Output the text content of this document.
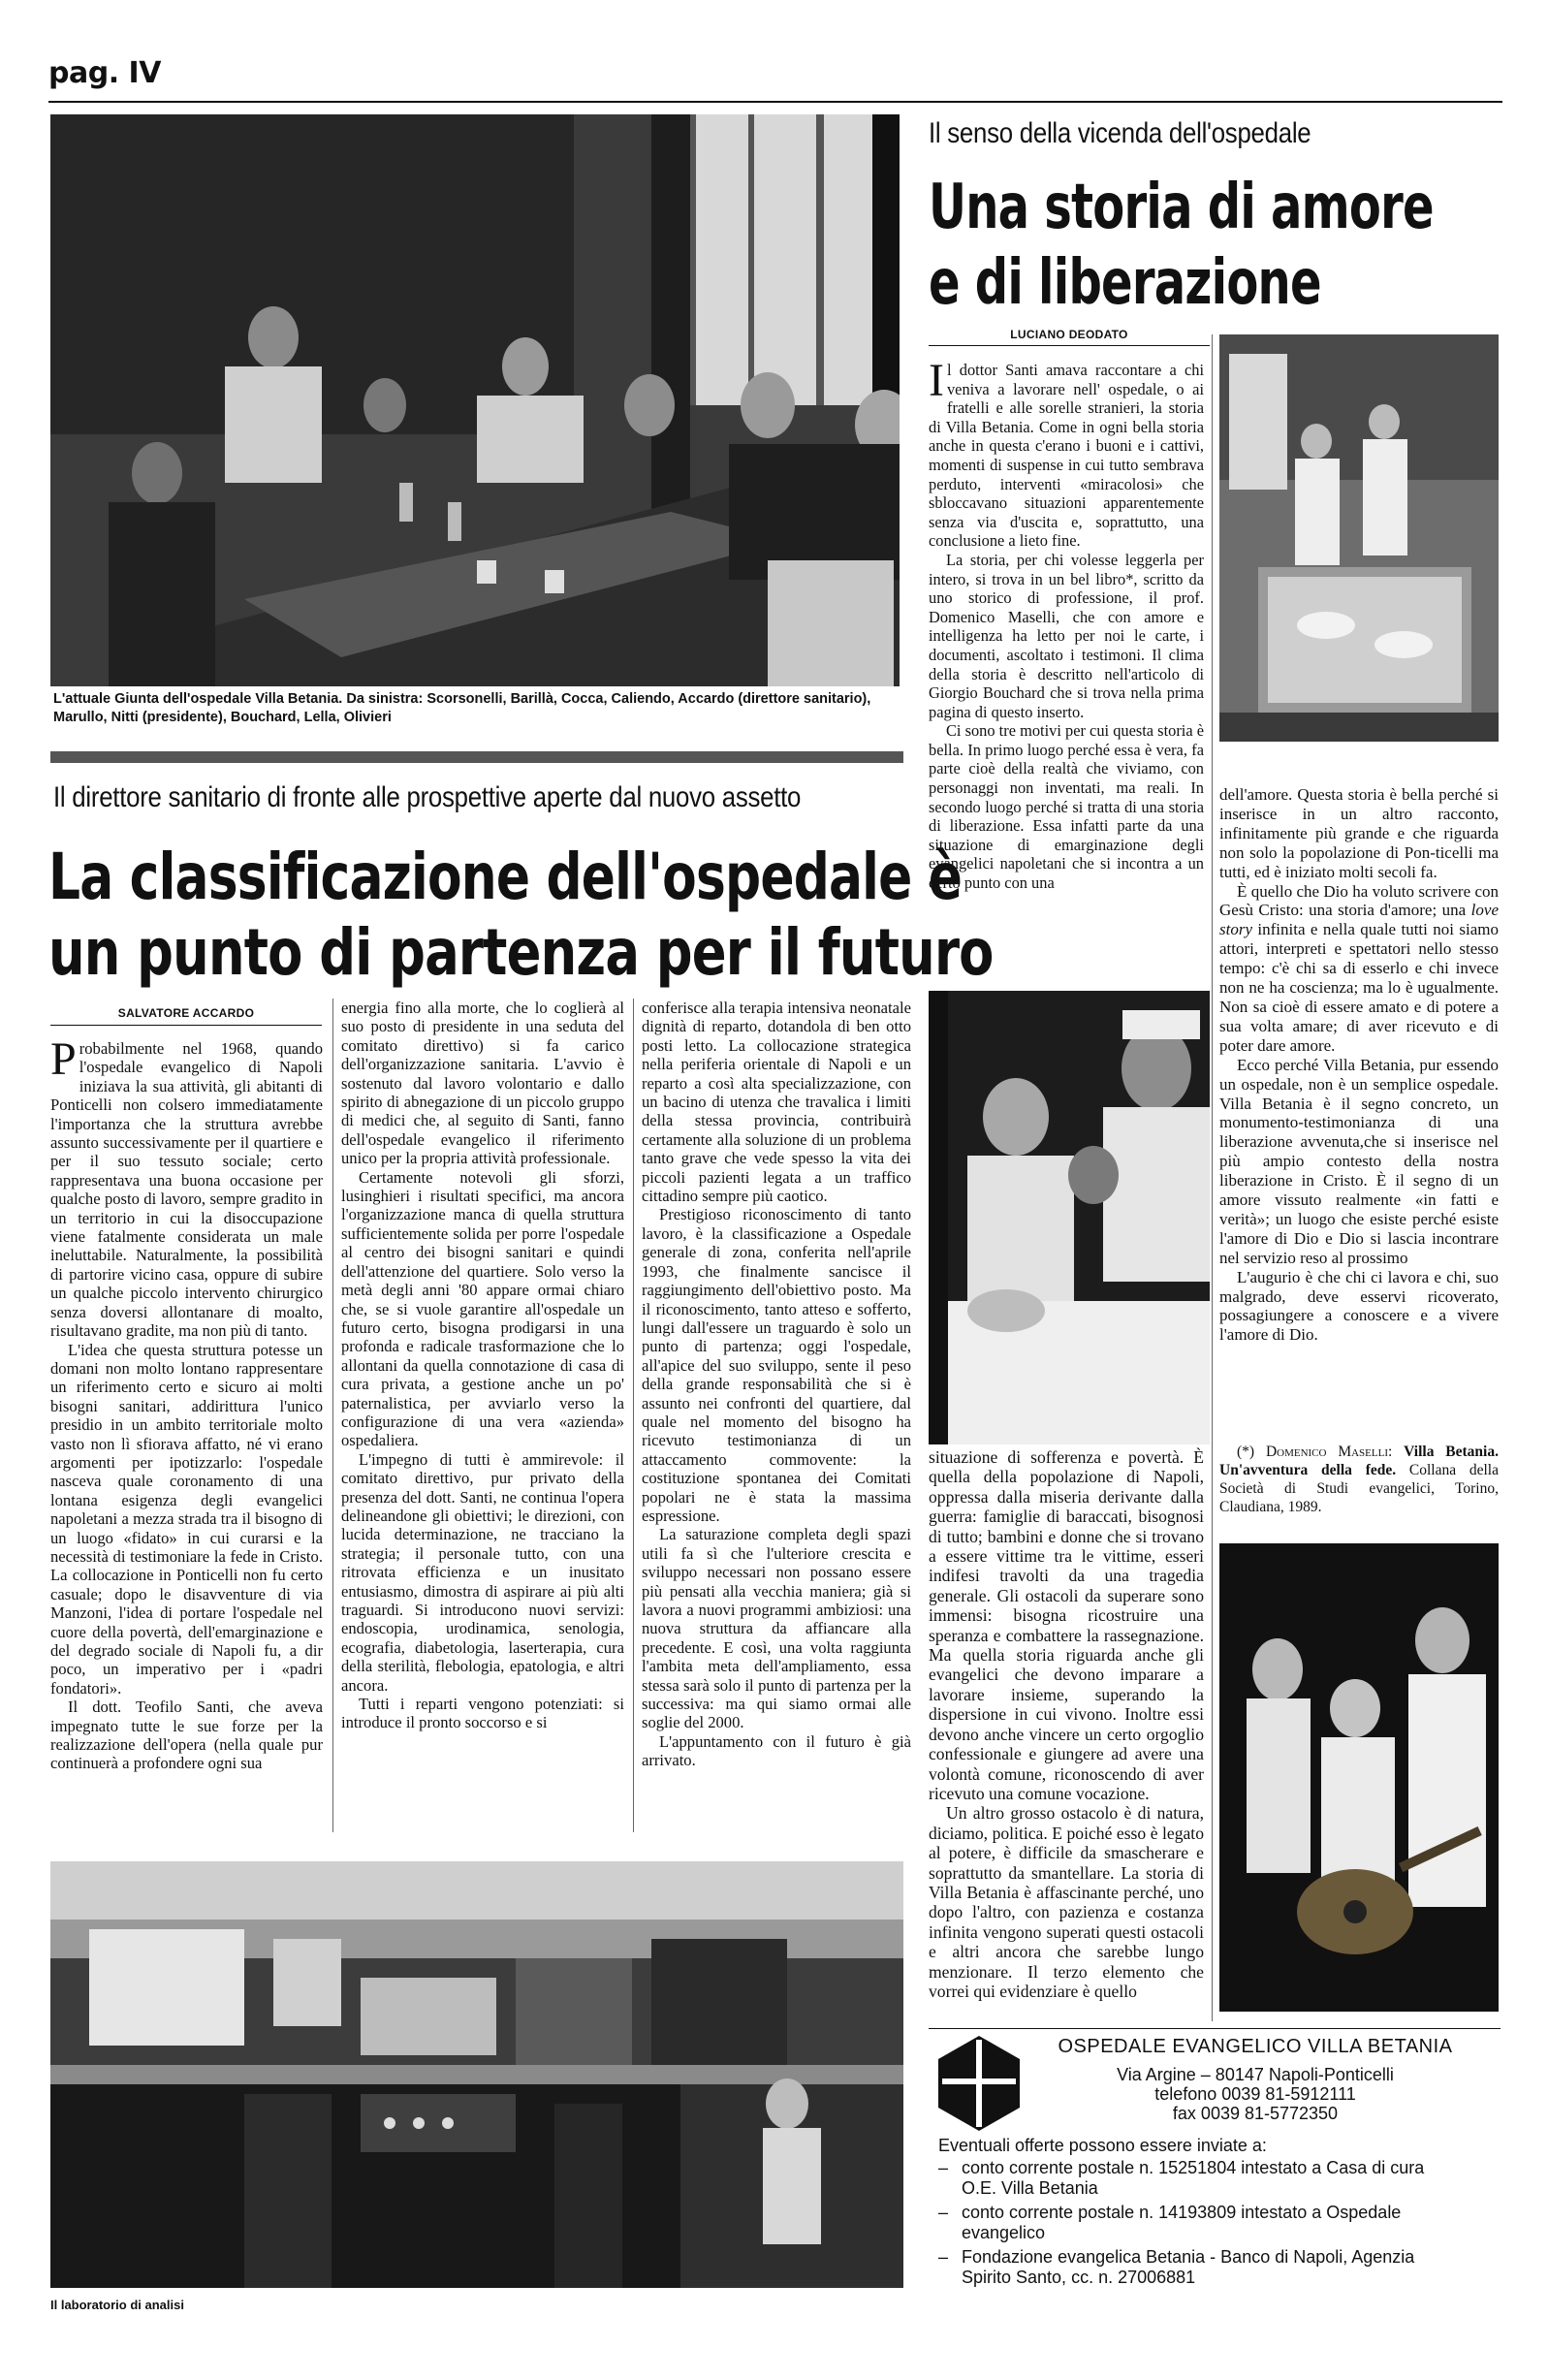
pag. IV
L'attuale Giunta dell'ospedale Villa Betania. Da sinistra: Scorsonelli, Barillà, Cocca, Caliendo, Accardo (direttore sanitario), Marullo, Nitti (presidente), Bouchard, Lella, Olivieri
Il direttore sanitario di fronte alle prospettive aperte dal nuovo assetto
La classificazione dell'ospedale è
un punto di partenza per il futuro
SALVATORE ACCARDO

Probabilmente nel 1968, quando l'ospedale evangelico di Napoli iniziava la sua attività, gli abitanti di Ponticelli non colsero immediatamente l'importanza che la struttura avrebbe assunto successivamente per il quartiere e per il suo tessuto sociale; certo rappresentava una buona occasione per qualche posto di lavoro, sempre gradito in un territorio in cui la disoccupazione viene fatalmente considerata un male ineluttabile. Naturalmente, la possibilità di partorire vicino casa, oppure di subire un qualche piccolo intervento chirurgico senza doversi allontanare di moalto, risultavano gradite, ma non più di tanto.

L'idea che questa struttura potesse un domani non molto lontano rappresentare un riferimento certo e sicuro ai molti bisogni sanitari, addirittura l'unico presidio in un ambito territoriale molto vasto non lì sfiorava affatto, né vi erano argomenti per ipotizzarlo: l'ospedale nasceva quale coronamento di una lontana esigenza degli evangelici napoletani a mezza strada tra il bisogno di un luogo «fidato» in cui curarsi e la necessità di testimoniare la fede in Cristo. La collocazione in Ponticelli non fu certo casuale; dopo le disavventure di via Manzoni, l'idea di portare l'ospedale nel cuore della povertà, dell'emarginazione e del degrado sociale di Napoli fu, a dir poco, un imperativo per i «padri fondatori».

Il dott. Teofilo Santi, che aveva impegnato tutte le sue forze per la realizzazione dell'opera (nella quale pur continuerà a profondere ogni sua

energia fino alla morte, che lo coglierà al suo posto di presidente in una seduta del comitato direttivo) si fa carico dell'organizzazione sanitaria. L'avvio è sostenuto dal lavoro volontario e dallo spirito di abnegazione di un piccolo gruppo di medici che, al seguito di Santi, fanno dell'ospedale evangelico il riferimento unico per la propria attività professionale.

Certamente notevoli gli sforzi, lusinghieri i risultati specifici, ma ancora l'organizzazione manca di quella struttura sufficientemente solida per porre l'ospedale al centro dei bisogni sanitari e quindi dell'attenzione del quartiere. Solo verso la metà degli anni '80 appare ormai chiaro che, se si vuole garantire all'ospedale un futuro certo, bisogna prodigarsi in una profonda e radicale trasformazione che lo allontani da quella connotazione di casa di cura privata, a gestione anche un po' paternalistica, per avviarlo verso la configurazione di una vera «azienda» ospedaliera.

L'impegno di tutti è ammirevole: il comitato direttivo, pur privato della presenza del dott. Santi, ne continua l'opera delineandone gli obiettivi; le direzioni, con lucida determinazione, ne tracciano la strategia; il personale tutto, con una ritrovata efficienza e un inusitato entusiasmo, dimostra di aspirare ai più alti traguardi. Si introducono nuovi servizi: endoscopia, urodinamica, senologia, ecografia, diabetologia, laserterapia, cura della sterilità, flebologia, epatologia, e altri ancora.

Tutti i reparti vengono potenziati: si introduce il pronto soccorso e si

conferisce alla terapia intensiva neonatale dignità di reparto, dotandola di ben otto posti letto. La collocazione strategica nella periferia orientale di Napoli e un reparto a così alta specializzazione, con un bacino di utenza che travalica i limiti della stessa provincia, contribuirà certamente alla soluzione di un problema tanto grave che vede spesso la vita dei piccoli pazienti legata a un traffico cittadino sempre più caotico.

Prestigioso riconoscimento di tanto lavoro, è la classificazione a Ospedale generale di zona, conferita nell'aprile 1993, che finalmente sancisce il raggiungimento dell'obiettivo posto. Ma il riconoscimento, tanto atteso e sofferto, lungi dall'essere un traguardo è solo un punto di partenza; oggi l'ospedale, all'apice del suo sviluppo, sente il peso della grande responsabilità che si è assunto nei confronti del quartiere, dal quale nel momento del bisogno ha ricevuto testimonianza di un attaccamento commovente: la costituzione spontanea dei Comitati popolari ne è stata la massima espressione.

La saturazione completa degli spazi utili fa sì che l'ulteriore crescita e sviluppo necessari non possano essere più pensati alla vecchia maniera; già si lavora a nuovi programmi ambiziosi: una nuova struttura da affiancare alla precedente. E così, una volta raggiunta l'ambita meta dell'ampliamento, essa stessa sarà solo il punto di partenza per la successiva: ma qui siamo ormai alle soglie del 2000.

L'appuntamento con il futuro è già arrivato.

Il laboratorio di analisi
Il senso della vicenda dell'ospedale
Una storia di amore
e di liberazione
LUCIANO DEODATO

Il dottor Santi amava raccontare a chi veniva a lavorare nell' ospedale, o ai fratelli e alle sorelle stranieri, la storia di Villa Betania. Come in ogni bella storia anche in questa c'erano i buoni e i cattivi, momenti di suspense in cui tutto sembrava perduto, interventi «miracolosi» che sbloccavano situazioni apparentemente senza via d'uscita e, soprattutto, una conclusione a lieto fine.

La storia, per chi volesse leggerla per intero, si trova in un bel libro*, scritto da uno storico di professione, il prof. Domenico Maselli, che con amore e intelligenza ha letto per noi le carte, i documenti, ascoltato i testimoni. Il clima della storia è descritto nell'articolo di Giorgio Bouchard che si trova nella prima pagina di questo inserto.

Ci sono tre motivi per cui questa storia è bella. In primo luogo perché essa è vera, fa parte cioè della realtà che viviamo, con personaggi non inventati, ma reali. In secondo luogo perché si tratta di una storia di liberazione. Essa infatti parte da una situazione di emarginazione degli evangelici napoletani che si incontra a un certo punto con una

situazione di sofferenza e povertà. È quella della popolazione di Napoli, oppressa dalla miseria derivante dalla guerra: famiglie di baraccati, bisognosi di tutto; bambini e donne che si trovano a essere vittime tra le vittime, esseri indifesi travolti da una tragedia generale. Gli ostacoli da superare sono immensi: bisogna ricostruire una speranza e combattere la rassegnazione. Ma quella storia riguarda anche gli evangelici che devono imparare a lavorare insieme, superando la dispersione in cui vivono. Inoltre essi devono anche vincere un certo orgoglio confessionale e giungere ad avere una volontà comune, riconoscendo di aver ricevuto una comune vocazione.

Un altro grosso ostacolo è di natura, diciamo, politica. E poiché esso è legato al potere, è difficile da smascherare e soprattutto da smantellare. La storia di Villa Betania è affascinante perché, uno dopo l'altro, con pazienza e costanza infinita vengono superati questi ostacoli e altri ancora che sarebbe lungo menzionare. Il terzo elemento che vorrei qui evidenziare è quello

dell'amore. Questa storia è bella perché si inserisce in un altro racconto, infinitamente più grande e che riguarda non solo la popolazione di Pon-ticelli ma tutti, ed è iniziato molti secoli fa.

È quello che Dio ha voluto scrivere con Gesù Cristo: una storia d'amore; una love story infinita e nella quale tutti noi siamo attori, interpreti e spettatori nello stesso tempo: c'è chi sa di esserlo e chi invece non ne ha coscienza; ma lo è ugualmente. Non sa cioè di essere amato e di potere a sua volta amare; di aver ricevuto e di poter dare amore.

Ecco perché Villa Betania, pur essendo un ospedale, non è un semplice ospedale. Villa Betania è il segno concreto, un monumento-testimonianza di una liberazione avvenuta,che si inserisce nel più ampio contesto della nostra liberazione in Cristo. È il segno di un amore vissuto realmente «in fatti e verità»; un luogo che esiste perché esiste l'amore di Dio e Dio si lascia incontrare nel servizio reso al prossimo

L'augurio è che chi ci lavora e chi, suo malgrado, deve esservi ricoverato, possagiungere a conoscere e a vivere l'amore di Dio.

(*) Domenico Maselli: Villa Betania. Un'avventura della fede. Collana della Società di Studi evangelici, Torino, Claudiana, 1989.

OSPEDALE EVANGELICO VILLA BETANIA
Via Argine – 80147 Napoli-Ponticelli
telefono 0039 81-5912111
fax 0039 81-5772350
Eventuali offerte possono essere inviate a:
– conto corrente postale n. 15251804 intestato a Casa di cura O.E. Villa Betania
– conto corrente postale n. 14193809 intestato a Ospedale evangelico
– Fondazione evangelica Betania - Banco di Napoli, Agenzia Spirito Santo, cc. n. 27006881
